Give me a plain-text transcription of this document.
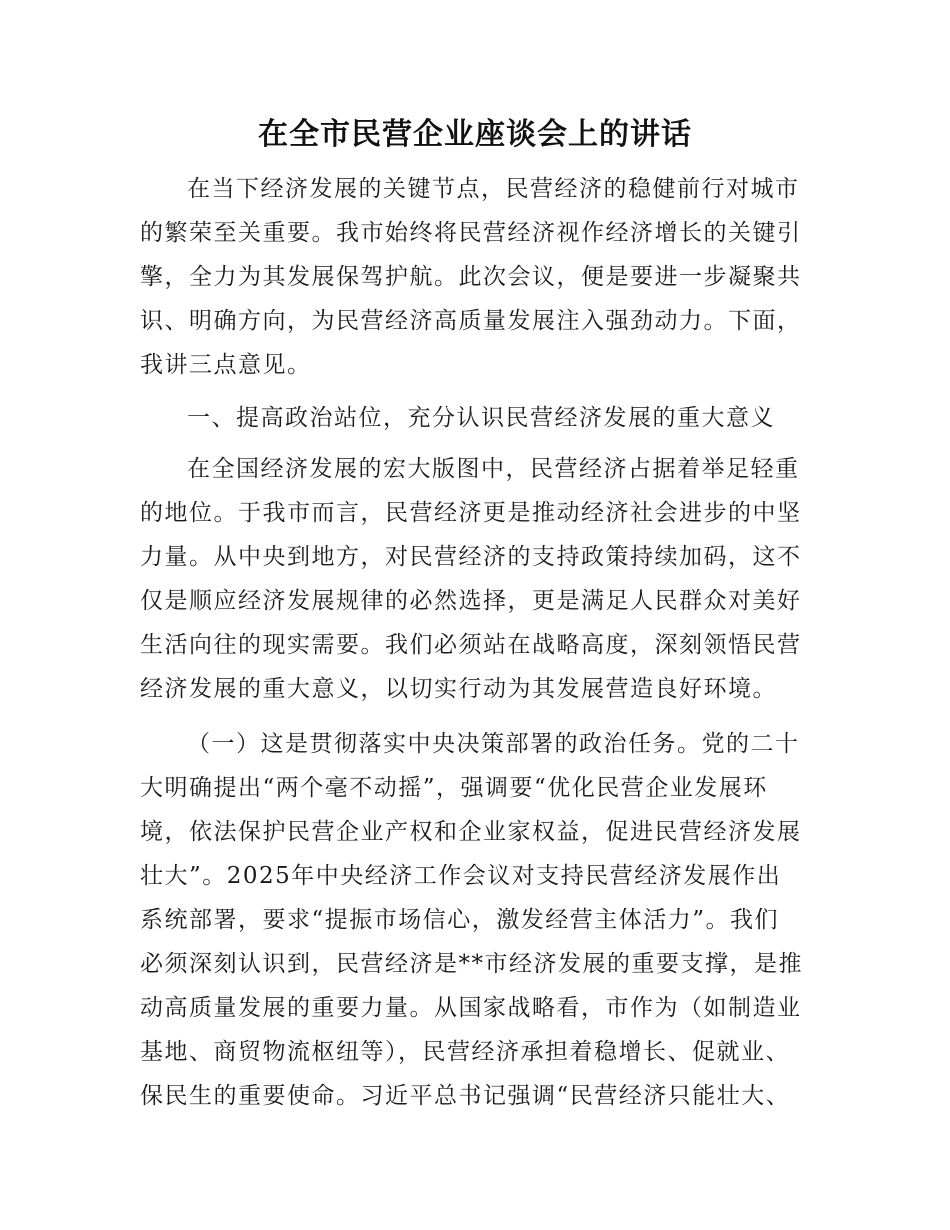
在全市民营企业座谈会上的讲话
在当下经济发展的关键节点，民营经济的稳健前行对城市
的繁荣至关重要。我市始终将民营经济视作经济增长的关键引
擎，全力为其发展保驾护航。此次会议，便是要进一步凝聚共
识、明确方向，为民营经济高质量发展注入强劲动力。下面，
我讲三点意见。
一、提高政治站位，充分认识民营经济发展的重大意义
在全国经济发展的宏大版图中，民营经济占据着举足轻重
的地位。于我市而言，民营经济更是推动经济社会进步的中坚
力量。从中央到地方，对民营经济的支持政策持续加码，这不
仅是顺应经济发展规律的必然选择，更是满足人民群众对美好
生活向往的现实需要。我们必须站在战略高度，深刻领悟民营
经济发展的重大意义，以切实行动为其发展营造良好环境。
（一）这是贯彻落实中央决策部署的政治任务。党的二十
大明确提出“两个毫不动摇”，强调要“优化民营企业发展环
境，依法保护民营企业产权和企业家权益，促进民营经济发展
壮大”。2025年中央经济工作会议对支持民营经济发展作出
系统部署，要求“提振市场信心，激发经营主体活力”。我们
必须深刻认识到，民营经济是**市经济发展的重要支撑，是推
动高质量发展的重要力量。从国家战略看，市作为（如制造业
基地、商贸物流枢纽等），民营经济承担着稳增长、促就业、
保民生的重要使命。习近平总书记强调“民营经济只能壮大、
